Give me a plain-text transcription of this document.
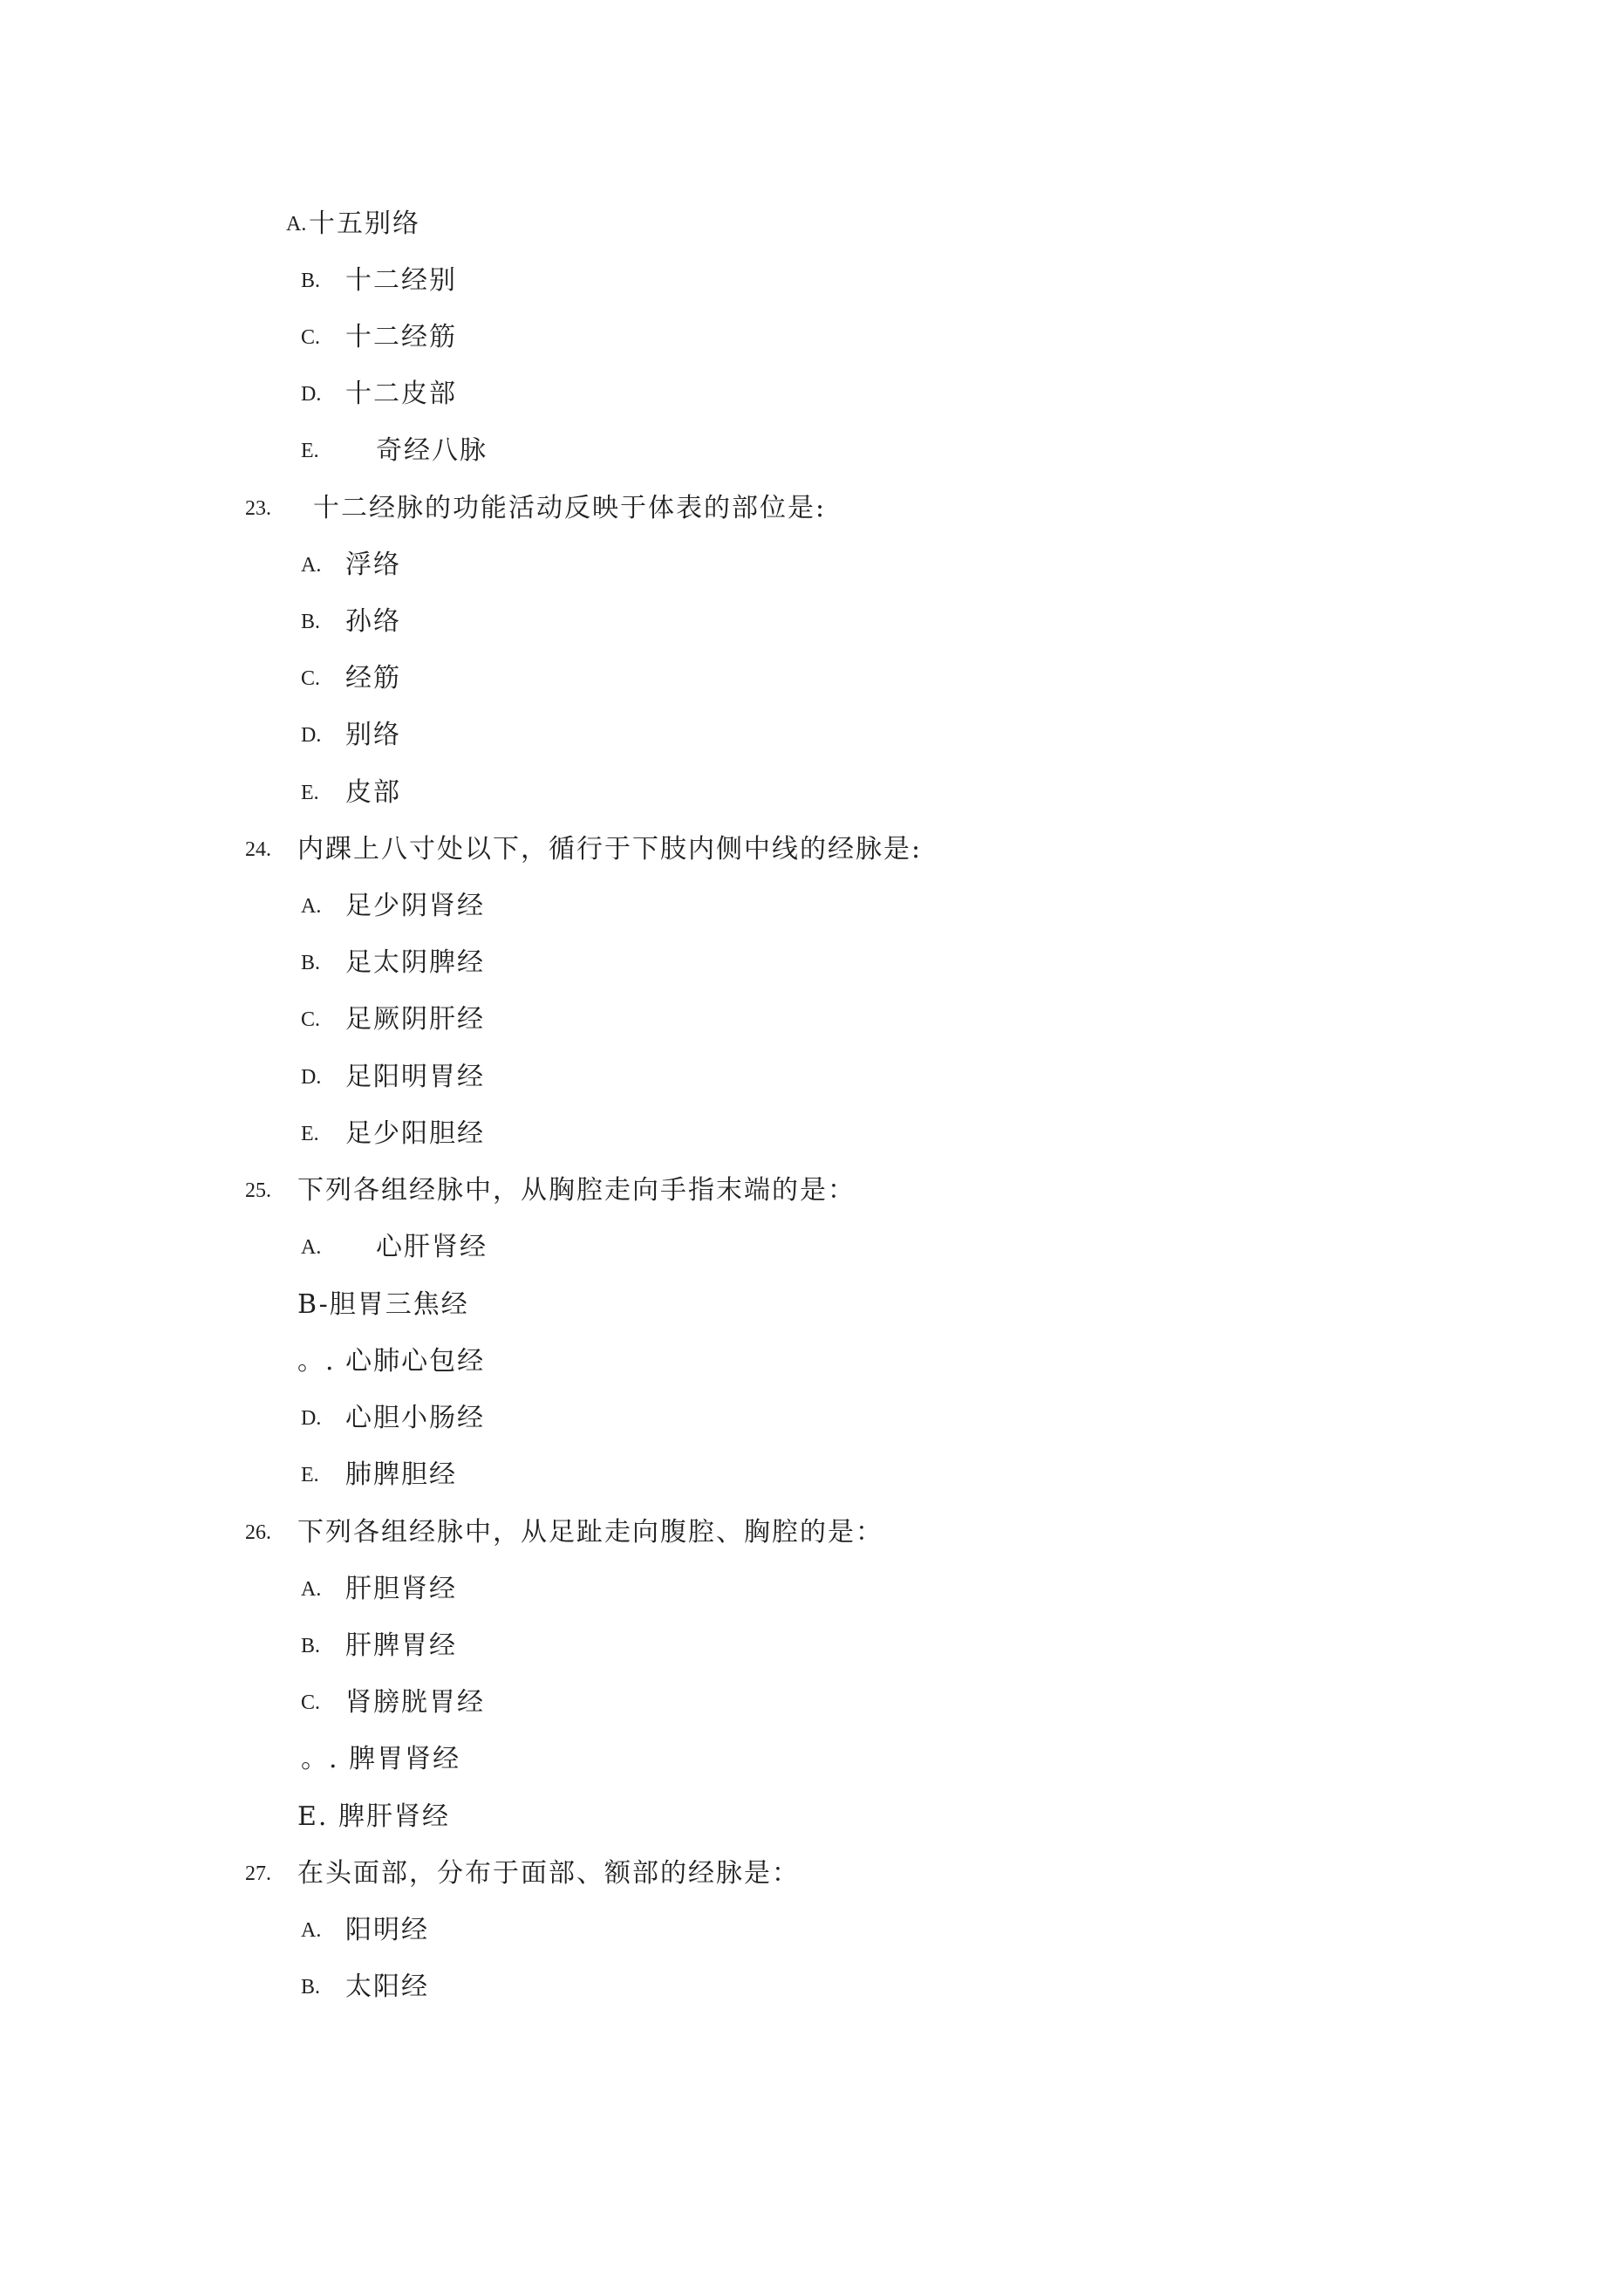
A. 十五别络
B. 十二经别
C. 十二经筋
D. 十二皮部
E. 奇经八脉
23. 十二经脉的功能活动反映于体表的部位是:
A. 浮络
B. 孙络
C. 经筋
D. 别络
E. 皮部
24. 内踝上八寸处以下，循行于下肢内侧中线的经脉是:
A. 足少阴肾经
B. 足太阴脾经
C. 足厥阴肝经
D. 足阳明胃经
E. 足少阳胆经
25. 下列各组经脉中，从胸腔走向手指末端的是：
A. 心肝肾经
B-胆胃三焦经
。. 心肺心包经
D. 心胆小肠经
E. 肺脾胆经
26. 下列各组经脉中，从足趾走向腹腔、胸腔的是：
A. 肝胆肾经
B. 肝脾胃经
C. 肾膀胱胃经
。. 脾胃肾经
E. 脾肝肾经
27. 在头面部，分布于面部、额部的经脉是：
A. 阳明经
B. 太阳经
